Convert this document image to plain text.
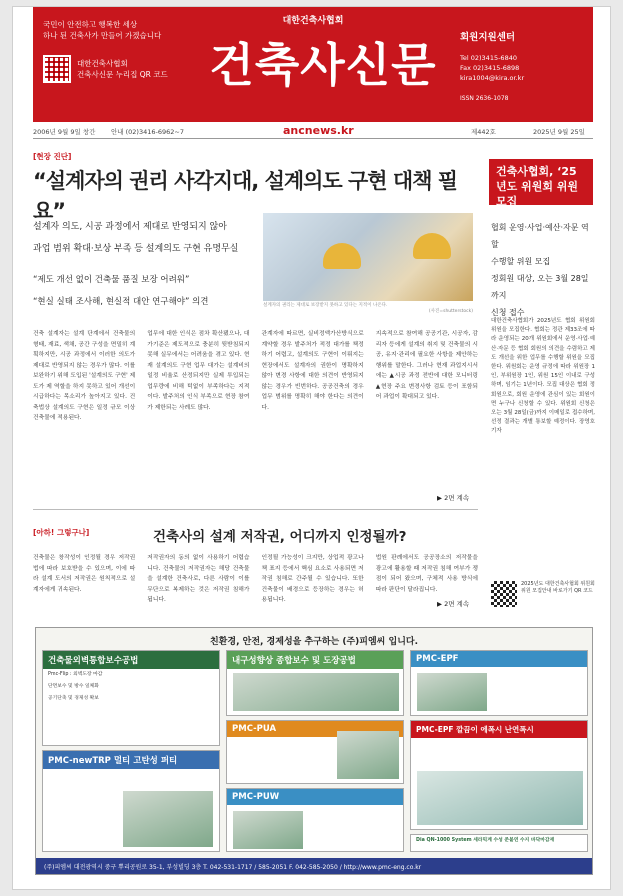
대한건축사협회
국민이 안전하고 행복한 세상
하나 된 건축사가 만들어 가겠습니다
대한건축사협회
건축사신문 누리집 QR 코드 건축사신문
회원지원센터
Tel 02)3415-6840
Fax 02)3415-6898
kira1004@kira.or.kr
ISSN 2636-1078
2006년 9월 9일 창간 안내 (02)3416-6962~7	ancnews.kr	제442호	2025년 9월 25일
[현장 진단]
“설계자의 권리 사각지대, 설계의도 구현 대책 필요”
설계자 의도, 시공 과정에서 제대로 반영되지 않아
과업 범위 확대·보상 부족 등 설계의도 구현 유명무실
“제도 개선 없이 건축물 품질 보장 어려워”
“현실 실태 조사해, 현실적 대안 연구해야” 의견	설계자의 권리는 제대로 보장받지 못하고 있다는 지적이 나온다.
(사진=shutterstock)

건축 설계자는 설계 단계에서 건축물의 형태, 재료, 색채, 공간 구성을 면밀히 계획하지만, 시공 과정에서 이러한 의도가 제대로 반영되지 않는 경우가 많다. 이를 보완하기 위해 도입된 '설계의도 구현' 제도가 제 역할을 하지 못하고 있어 개선이 시급하다는 목소리가 높아지고 있다. 건축법상 설계의도 구현은 일정 규모 이상 건축물에 적용된다.

업무에 대한 인식은 점차 확산됐으나, 대가기준은 제도적으로 충분히 뒷받침되지 못해 실무에서는 어려움을 겪고 있다. 현재 설계의도 구현 업무 대가는 설계비의 일정 비율로 산정되지만 실제 투입되는 업무량에 비해 턱없이 부족하다는 지적이다. 발주처의 인식 부족으로 현장 참여가 제한되는 사례도 많다.

관계자에 따르면, 실비정액가산방식으로 계약할 경우 발주처가 적정 대가를 책정하기 어렵고, 설계의도 구현이 이뤄지는 현장에서도 설계자의 권한이 명확하지 않아 변경 사항에 대한 의견이 반영되지 않는 경우가 빈번하다. 공공건축의 경우 업무 범위를 명확히 해야 한다는 의견이다.

지속적으로 참여해 공공기관, 시공자, 감리자 등에게 설계의 취지 및 건축물의 시공, 유지·관리에 필요한 사항을 제안하는 행위를 말한다. 그러나 현재 과업지시서에는 ▲시공 과정 전반에 대한 모니터링 ▲현장 주요 변경사항 검토 등이 포함되어 과업이 확대되고 있다.

▶ 2면 계속
건축사협회, ‘25년도 위원회 위원 모집
협회 운영·사업·예산·자문 역할
수행할 위원 모집
정회원 대상, 오는 3월 28일까지
신청 접수
대한건축사협회가 2025년도 협회 위원회 위원을 모집한다. 협회는 정관 제33조에 따라 운영되는 20개 위원회에서 운영·사업·예산·자문 등 협회 회원의 의견을 수렴하고 제도 개선을 위한 업무를 수행할 위원을 모집한다. 위원회는 운영 규정에 따라 위원장 1인, 부위원장 1인, 위원 15인 이내로 구성하며, 임기는 1년이다. 모집 대상은 협회 정회원으로, 회원 운영에 관심이 있는 회원이면 누구나 신청할 수 있다. 위원회 신청은 오는 3월 28일(금)까지 이메일로 접수하며, 선정 결과는 개별 통보할 예정이다. 장영호 기자
2025년도 대한건축사협회 위원회 위원 모집안내 바로가기 QR 코드
[아하! 그렇구나]	건축사의 설계 저작권, 어디까지 인정될까?

건축물은 창작성이 인정될 경우 저작권법에 따라 보호받을 수 있으며, 이에 따라 설계 도서의 저작권은 원칙적으로 설계자에게 귀속된다.

저작권자의 동의 없이 사용하기 어렵습니다. 건축물의 저작권자는 해당 건축물을 설계한 건축사로, 다른 사람이 이를 무단으로 복제하는 것은 저작권 침해가 됩니다.

인정될 가능성이 크지만, 상업적 광고나 책 표지 등에서 핵심 요소로 사용되면 저작권 침해로 간주될 수 있습니다. 또한 건축물이 배경으로 등장하는 경우는 허용됩니다.

법원 판례에서도 공공장소의 저작물을 광고에 활용할 때 저작권 침해 여부가 쟁점이 되어 왔으며, 구체적 사용 방식에 따라 판단이 달라집니다.

▶ 2면 계속
친환경, 안전, 경제성을 추구하는 (주)피엠씨 입니다.
건축물외벽통합보수공법
Pmc-Flip : 외벽도장 마감
단면보수 및 방수 일체화
공기단축 및 경제성 확보
PMC-newTRP 멀티 고탄성 퍼티
내구성향상 종합보수 및 도장공법
PMC-PUA
PMC-PUW
PMC-EPF
PMC-EPF 깔끔이 에폭시 난연폭시
Dia QN-1000 System 세라믹계 수성 준불연 수지 바닥마감재
(주)피엠씨 대전광역시 중구 뿌리공원로 35-1, 부성빌딩 3층 T. 042-531-1717 / 585-2051 F. 042-585-2050 / http://www.pmc-eng.co.kr
